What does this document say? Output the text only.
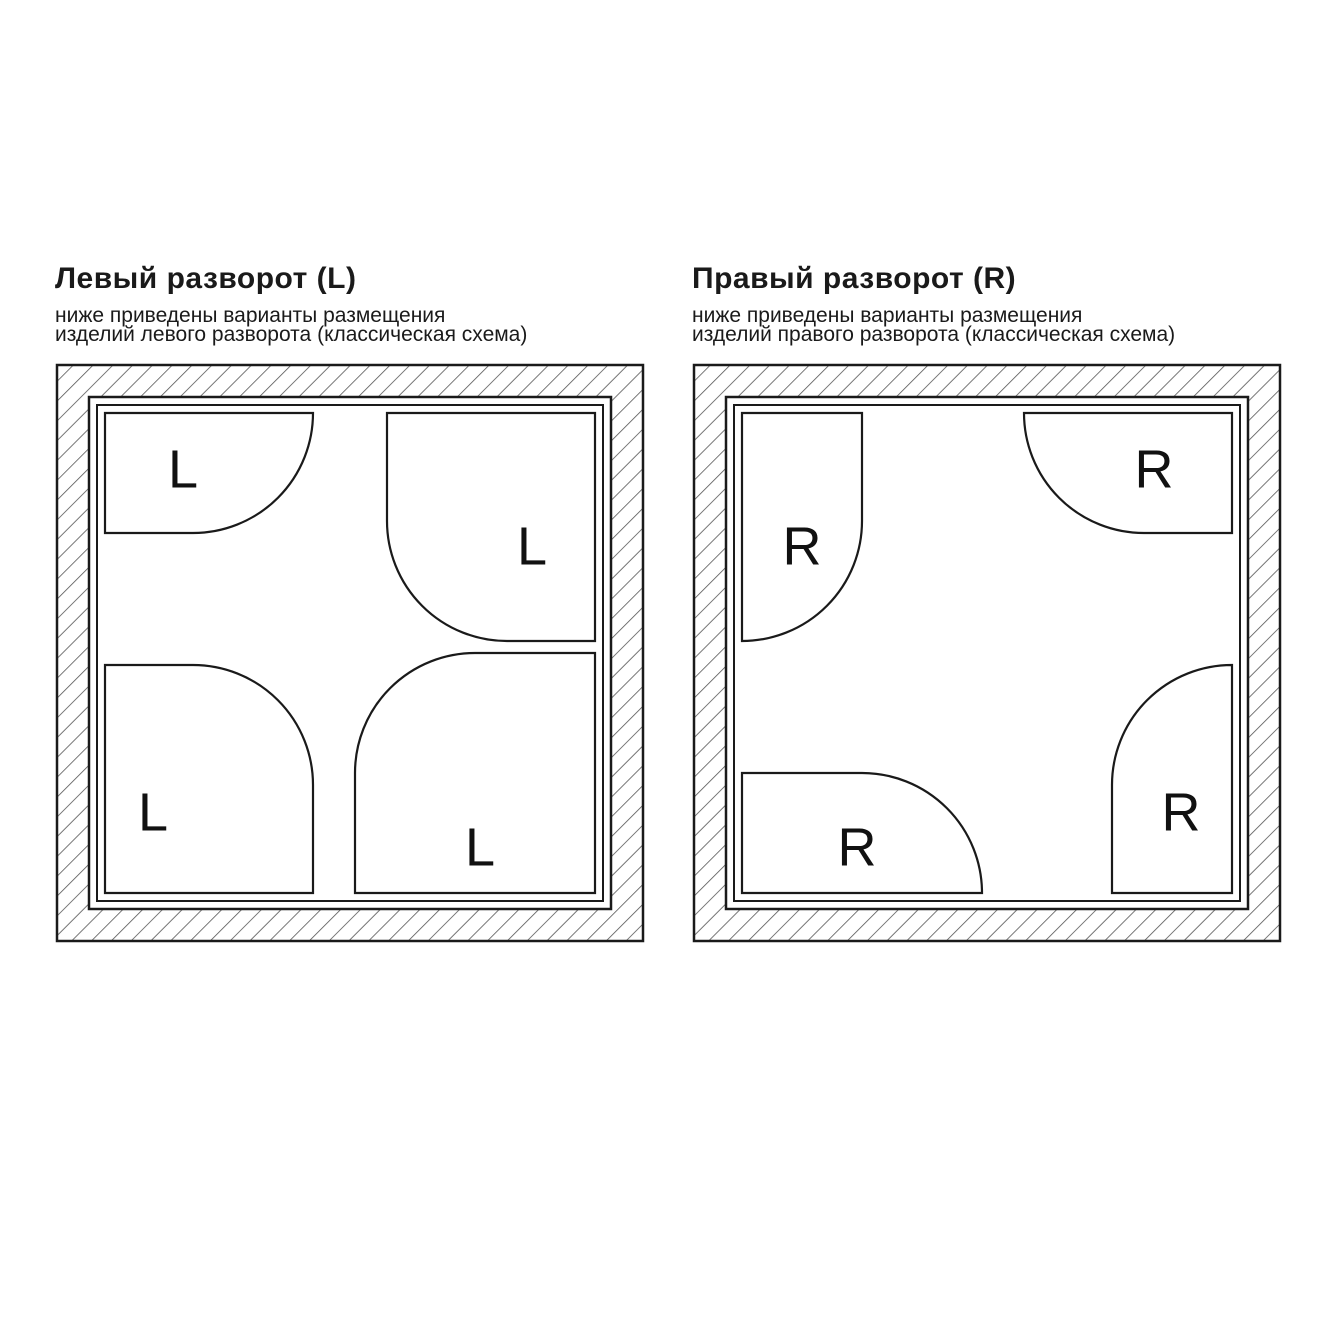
Левый разворот (L)
ниже приведены варианты размещения
изделий левого разворота (классическая схема)
L
L
L
L
Правый разворот (R)
ниже приведены варианты размещения
изделий правого разворота (классическая схема)
R
R
R
R
